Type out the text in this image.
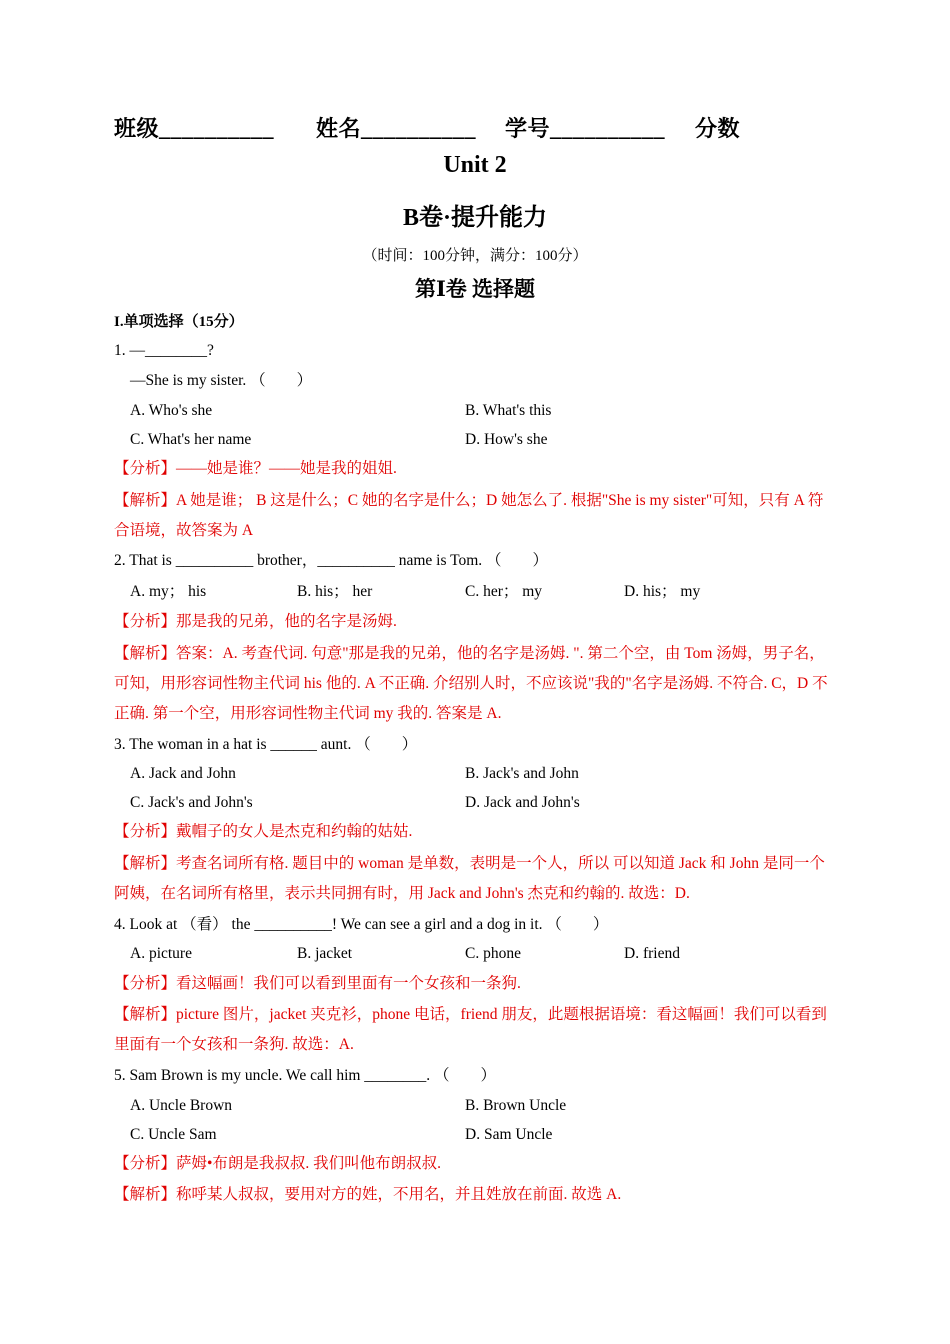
班级__________ 姓名__________ 学号__________ 分数
Unit 2
B卷·提升能力
（时间：100分钟，满分：100分）
第Ⅰ卷 选择题
I.单项选择（15分）
1. —________?
—She is my sister. （　　）
A. Who's she	B. What's this
C. What's her name	D. How's she
【分析】——她是谁？——她是我的姐姐.
【解析】A 她是谁； B 这是什么；C 她的名字是什么；D 她怎么了. 根据"She is my sister"可知，只有 A 符合语境，故答案为 A
2. That is __________ brother，__________ name is Tom. （　　）
A. my； his	B. his； her	C. her； my	D. his； my
【分析】那是我的兄弟，他的名字是汤姆.
【解析】答案：A. 考查代词. 句意"那是我的兄弟，他的名字是汤姆. ". 第二个空，由 Tom 汤姆，男子名，可知，用形容词性物主代词 his 他的. A 不正确. 介绍别人时，不应该说"我的"名字是汤姆. 不符合. C，D 不正确. 第一个空，用形容词性物主代词 my 我的. 答案是 A.
3. The woman in a hat is ______ aunt. （　　）
A. Jack and John	B. Jack's and John
C. Jack's and John's	D. Jack and John's
【分析】戴帽子的女人是杰克和约翰的姑姑.
【解析】考查名词所有格. 题目中的 woman 是单数，表明是一个人，所以 可以知道 Jack 和 John 是同一个阿姨，在名词所有格里，表示共同拥有时，用 Jack and John's 杰克和约翰的. 故选：D.
4. Look at （看） the __________! We can see a girl and a dog in it. （　　）
A. picture	B. jacket	C. phone	D. friend
【分析】看这幅画！我们可以看到里面有一个女孩和一条狗.
【解析】picture 图片，jacket 夹克衫，phone 电话，friend 朋友，此题根据语境：看这幅画！我们可以看到里面有一个女孩和一条狗. 故选：A.
5. Sam Brown is my uncle. We call him ________. （　　）
A. Uncle Brown	B. Brown Uncle
C. Uncle Sam	D. Sam Uncle
【分析】萨姆•布朗是我叔叔. 我们叫他布朗叔叔.
【解析】称呼某人叔叔，要用对方的姓，不用名，并且姓放在前面. 故选 A.
